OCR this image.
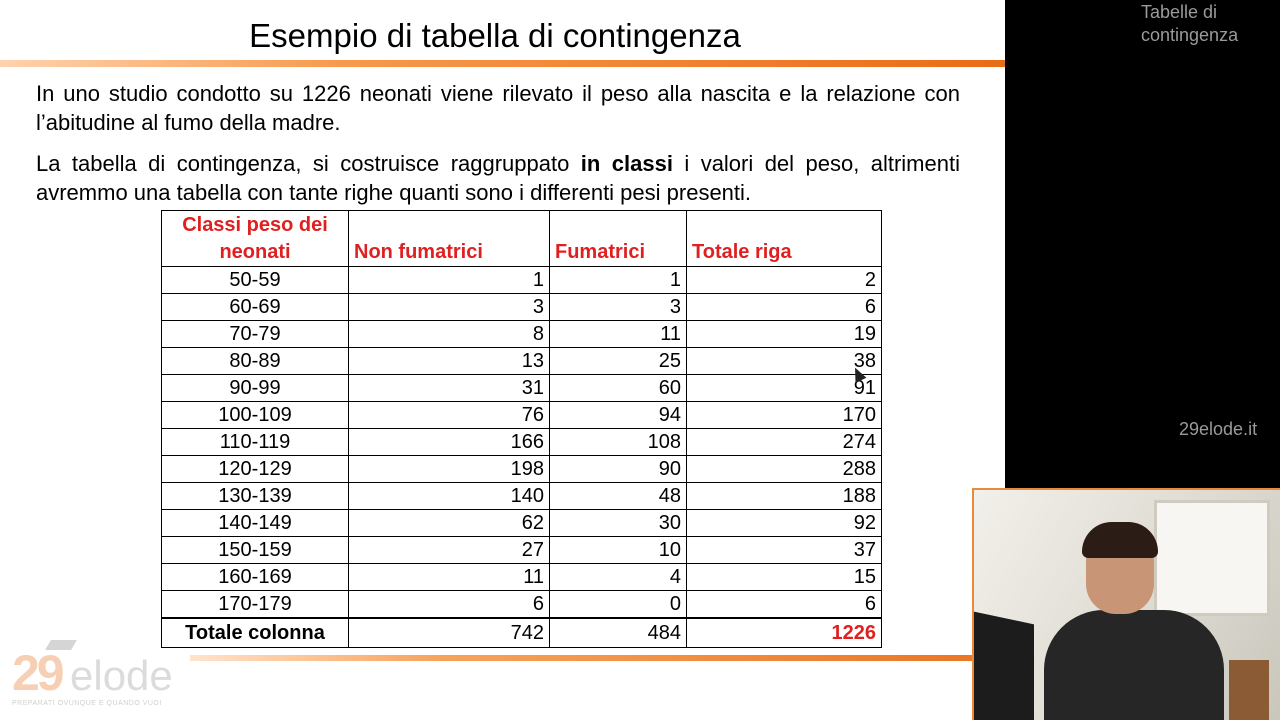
Esempio di tabella di contingenza

In uno studio condotto su 1226 neonati viene rilevato il peso alla nascita e la relazione con l’abitudine al fumo della madre.

La tabella di contingenza, si costruisce raggruppato in classi i valori del peso, altrimenti avremmo una tabella con tante righe quanti sono i differenti pesi presenti.

Classi peso dei neonati	Non fumatrici	Fumatrici	Totale riga
50-59	1	1	2
60-69	3	3	6
70-79	8	11	19
80-89	13	25	38
90-99	31	60	91
100-109	76	94	170
110-119	166	108	274
120-129	198	90	288
130-139	140	48	188
140-149	62	30	92
150-159	27	10	37
160-169	11	4	15
170-179	6	0	6
Totale colonna	742	484	1226
29 elode
PREPARATI OVUNQUE E QUANDO VUOI
Tabelle di contingenza
29elode.it
